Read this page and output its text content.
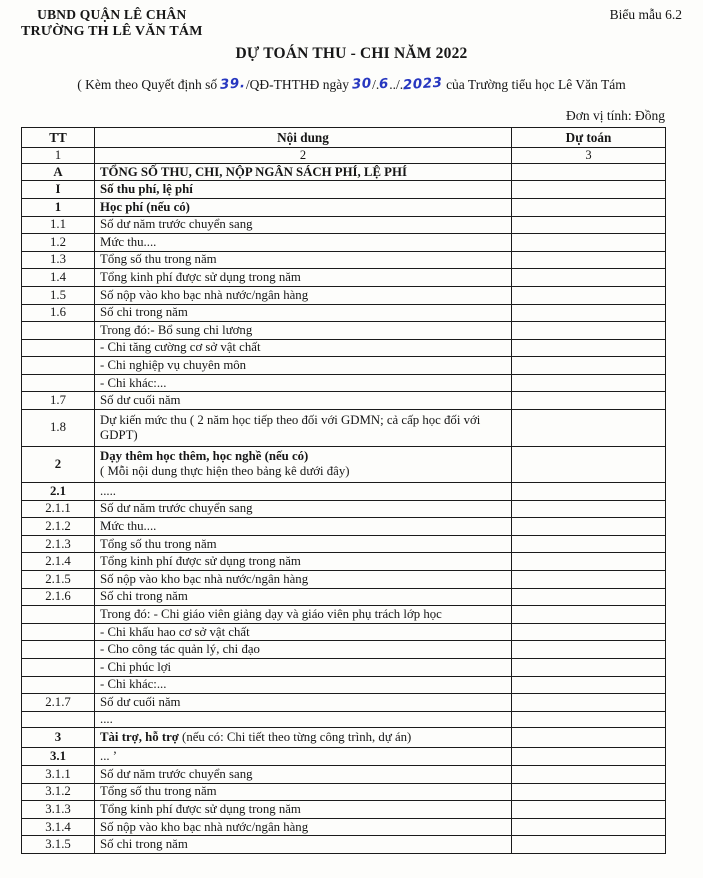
UBND QUẬN LÊ CHÂN
TRƯỜNG TH LÊ VĂN TÁM
Biểu mẫu 6.2
DỰ TOÁN THU - CHI NĂM 2022
( Kèm theo Quyết định số 39./QĐ-THTHĐ ngày 30/.6../.2023 của Trường tiểu học Lê Văn Tám
Đơn vị tính: Đồng
TT	Nội dung	Dự toán
1	2	3
A	TỔNG SỐ THU, CHI, NỘP NGÂN SÁCH PHÍ, LỆ PHÍ	

I	Số thu phí, lệ phí	

1	Học phí (nếu có)	

1.1	Số dư năm trước chuyển sang	

1.2	Mức thu....	

1.3	Tổng số thu trong năm	

1.4	Tổng kinh phí được sử dụng trong năm	

1.5	Số nộp vào kho bạc nhà nước/ngân hàng	

1.6	Số chi trong năm	

	Trong đó:- Bổ sung chi lương	

	- Chi tăng cường cơ sở vật chất	

	- Chi nghiệp vụ chuyên môn	

	- Chi khác:...	

1.7	Số dư cuối năm	

1.8	Dự kiến mức thu ( 2 năm học tiếp theo đối với GDMN; cả cấp học đối với GDPT)	

2	Dạy thêm học thêm, học nghề (nếu có)
( Mỗi nội dung thực hiện theo bảng kê dưới đây)	

2.1	.....	

2.1.1	Số dư năm trước chuyển sang	

2.1.2	Mức thu....	

2.1.3	Tổng số thu trong năm	

2.1.4	Tổng kinh phí được sử dụng trong năm	

2.1.5	Số nộp vào kho bạc nhà nước/ngân hàng	

2.1.6	Số chi trong năm	

	Trong đó: - Chi giáo viên giảng dạy và giáo viên phụ trách lớp học	

	- Chi khấu hao cơ sở vật chất	

	- Cho công tác quản lý, chi đạo	

	- Chi phúc lợi	

	- Chi khác:...	

2.1.7	Số dư cuối năm	

	....	

3	Tài trợ, hỗ trợ (nếu có: Chi tiết theo từng công trình, dự án)	

3.1	... ’	

3.1.1	Số dư năm trước chuyển sang	

3.1.2	Tổng số thu trong năm	

3.1.3	Tổng kinh phí được sử dụng trong năm	

3.1.4	Số nộp vào kho bạc nhà nước/ngân hàng	

3.1.5	Số chi trong năm	
